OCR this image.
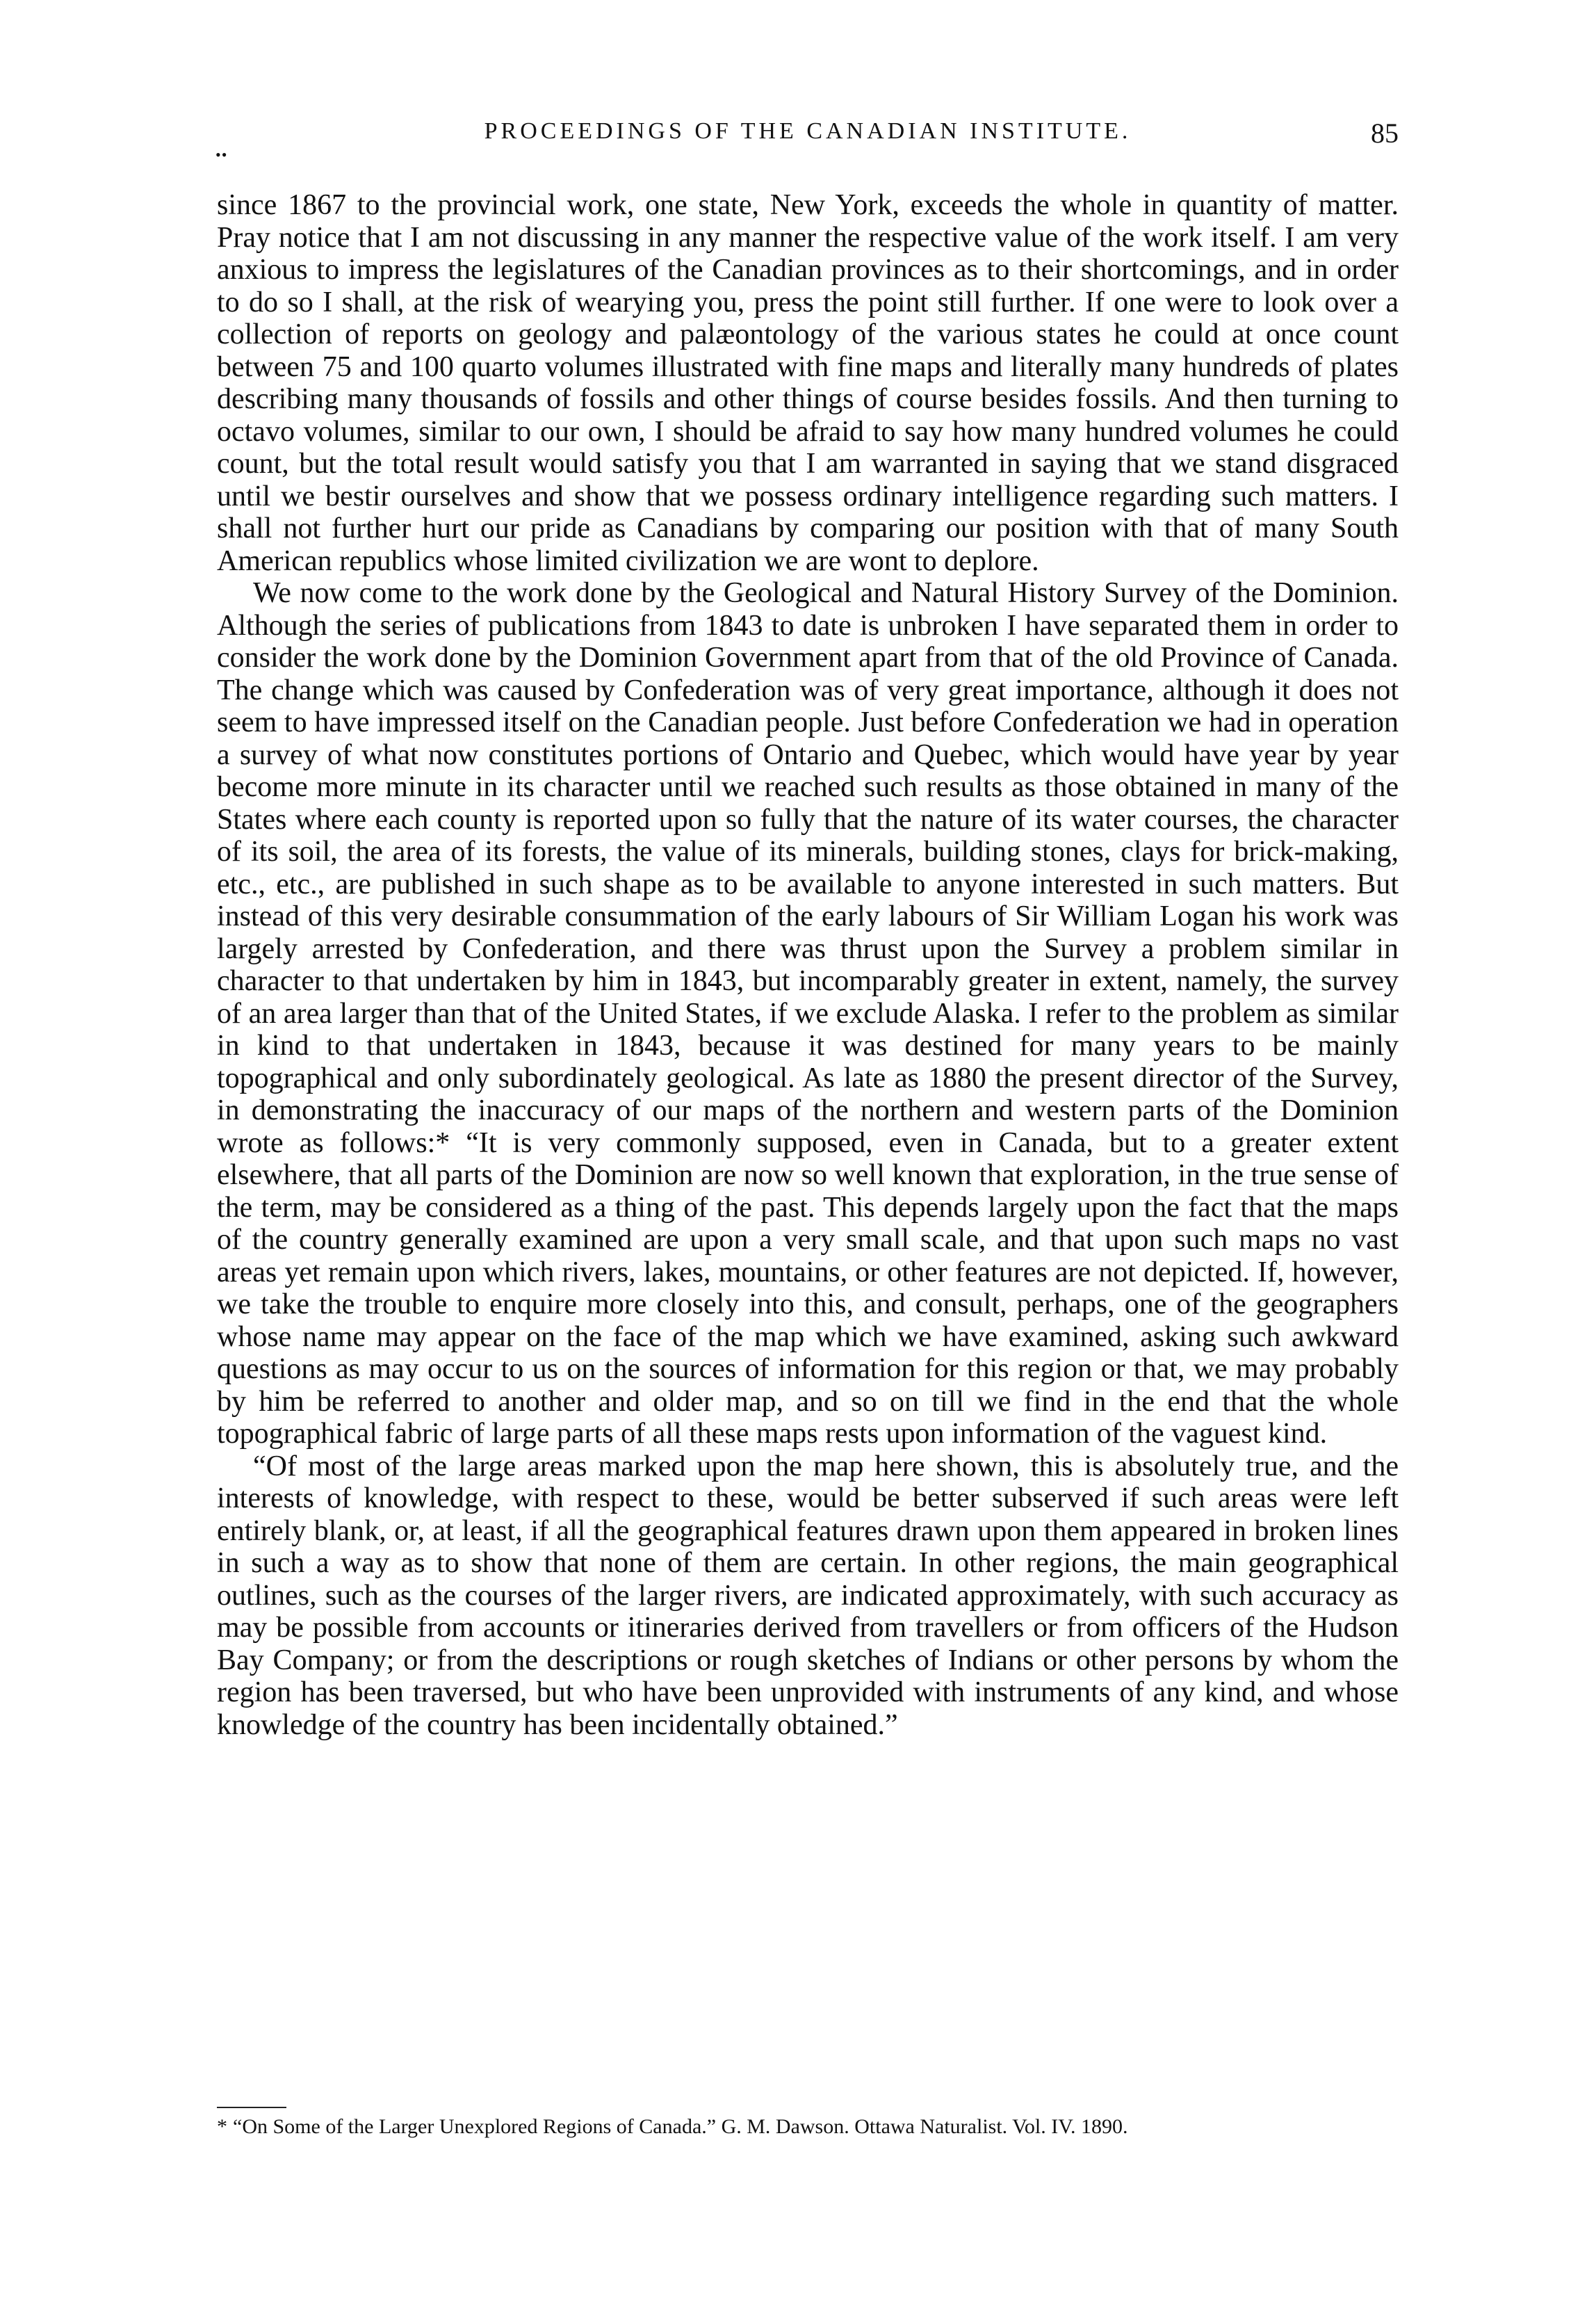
PROCEEDINGS OF THE CANADIAN INSTITUTE.	85
••

since 1867 to the provincial work, one state, New York, exceeds the whole in quantity of matter. Pray notice that I am not discussing in any manner the respective value of the work itself. I am very anxious to impress the legislatures of the Canadian provinces as to their shortcomings, and in order to do so I shall, at the risk of wearying you, press the point still further. If one were to look over a collection of reports on geology and palæontology of the various states he could at once count between 75 and 100 quarto volumes illustrated with fine maps and literally many hundreds of plates describing many thousands of fossils and other things of course besides fossils. And then turning to octavo volumes, similar to our own, I should be afraid to say how many hundred volumes he could count, but the total result would satisfy you that I am warranted in saying that we stand disgraced until we bestir ourselves and show that we possess ordinary intelligence regarding such matters. I shall not further hurt our pride as Canadians by comparing our position with that of many South American republics whose limited civilization we are wont to deplore.

We now come to the work done by the Geological and Natural History Survey of the Dominion. Although the series of publications from 1843 to date is unbroken I have separated them in order to consider the work done by the Dominion Government apart from that of the old Province of Canada. The change which was caused by Confederation was of very great importance, although it does not seem to have impressed itself on the Canadian people. Just before Confederation we had in operation a survey of what now constitutes portions of Ontario and Quebec, which would have year by year become more minute in its character until we reached such results as those obtained in many of the States where each county is reported upon so fully that the nature of its water courses, the character of its soil, the area of its forests, the value of its minerals, building stones, clays for brick-making, etc., etc., are published in such shape as to be available to anyone interested in such matters. But instead of this very desirable consummation of the early labours of Sir William Logan his work was largely arrested by Confederation, and there was thrust upon the Survey a problem similar in character to that undertaken by him in 1843, but incomparably greater in extent, namely, the survey of an area larger than that of the United States, if we exclude Alaska. I refer to the problem as similar in kind to that undertaken in 1843, because it was destined for many years to be mainly topographical and only subordinately geological. As late as 1880 the present director of the Survey, in demonstrating the inaccuracy of our maps of the northern and western parts of the Dominion wrote as follows:* “It is very commonly supposed, even in Canada, but to a greater extent elsewhere, that all parts of the Dominion are now so well known that exploration, in the true sense of the term, may be considered as a thing of the past. This depends largely upon the fact that the maps of the country generally examined are upon a very small scale, and that upon such maps no vast areas yet remain upon which rivers, lakes, mountains, or other features are not depicted. If, however, we take the trouble to enquire more closely into this, and consult, perhaps, one of the geographers whose name may appear on the face of the map which we have examined, asking such awkward questions as may occur to us on the sources of information for this region or that, we may probably by him be referred to another and older map, and so on till we find in the end that the whole topographical fabric of large parts of all these maps rests upon information of the vaguest kind.

“Of most of the large areas marked upon the map here shown, this is absolutely true, and the interests of knowledge, with respect to these, would be better subserved if such areas were left entirely blank, or, at least, if all the geographical features drawn upon them appeared in broken lines in such a way as to show that none of them are certain. In other regions, the main geographical outlines, such as the courses of the larger rivers, are indicated approximately, with such accuracy as may be possible from accounts or itineraries derived from travellers or from officers of the Hudson Bay Company; or from the descriptions or rough sketches of Indians or other persons by whom the region has been traversed, but who have been unprovided with instruments of any kind, and whose knowledge of the country has been incidentally obtained.”

* “On Some of the Larger Unexplored Regions of Canada.” G. M. Dawson. Ottawa Naturalist. Vol. IV. 1890.
